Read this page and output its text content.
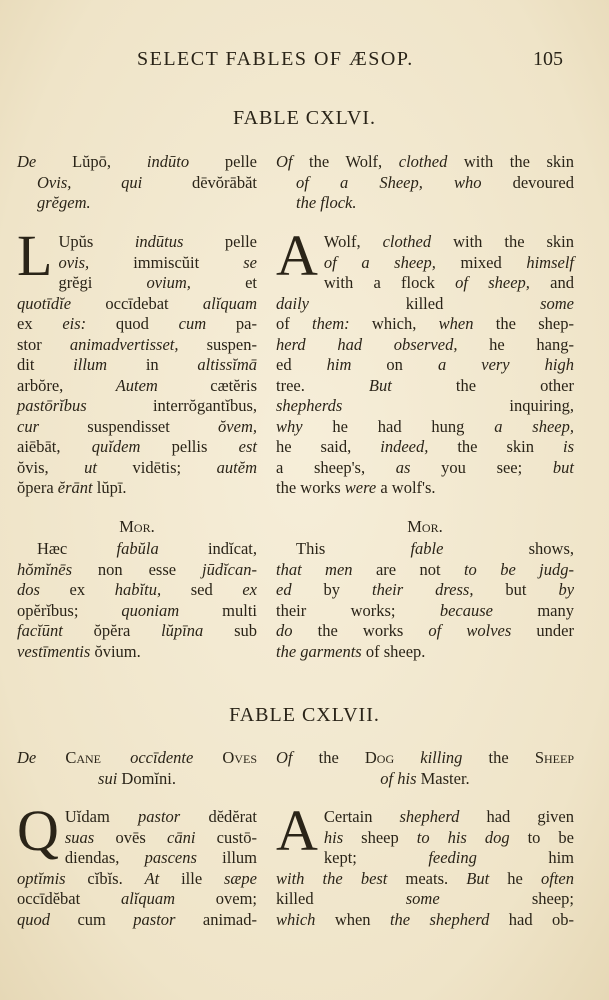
SELECT FABLES OF ÆSOP.	105
FABLE CXLVI.
De Lŭpō, indūto pelle
Ovis,	qui dēvŏrābăt
grĕgem.
Of the Wolf, clothed with the skin
of a Sheep, who devoured
the flock.
L Upŭs indūtus pelle
ovis, immiscŭit se
grĕgi ovium, et
quotīdĭe occīdebat alĭquam
ex eis: quod cum pa-
stor animadvertisset, suspen-
dit illum in altissĭmā
arbŏre, Autem cætĕris
pastōrĭbus interrŏgantĭbus,
cur suspendisset ŏvem,
aiēbāt, quĭdem pellis est
ŏvis, ut vidētis; autĕm
ŏpera ĕrānt lŭpī.
A Wolf, clothed with the skin
of a sheep, mixed himself
with a flock of sheep, and
daily killed some
of them: which, when the shep-
herd had observed, he hang-
ed him on a very high
tree. But the other
shepherds inquiring,
why he had hung a sheep,
he said, indeed, the skin is
a sheep's, as you see; but
the works were a wolf's.
Mor.	Mor.
Hæc fabŭla indĭcat,
hŏmĭnēs non esse jūdĭcan-
dos ex habĭtu, sed ex
opĕrĭbus; quoniam multi
facĭūnt ŏpĕra lŭpīna sub
vestīmentis ŏvium.
This fable shows,
that men are not to be judg-
ed by their dress, but by
their works; because many
do the works of wolves under
the garments of sheep.
FABLE CXLVII.
De Cane occīdente Oves
sui Domĭni.
Of the Dog killing the Sheep
of his Master.
Q Uĭdam pastor dĕdĕrat
suas ovēs cāni custō-
diendas, pascens illum
optĭmis cĭbĭs. At ille sæpe
occīdĕbat alĭquam ovem;
quod cum pastor animad-
A Certain shepherd had given
his sheep to his dog to be
kept; feeding him
with the best meats. But he often
killed some sheep;
which when the shepherd had ob-
